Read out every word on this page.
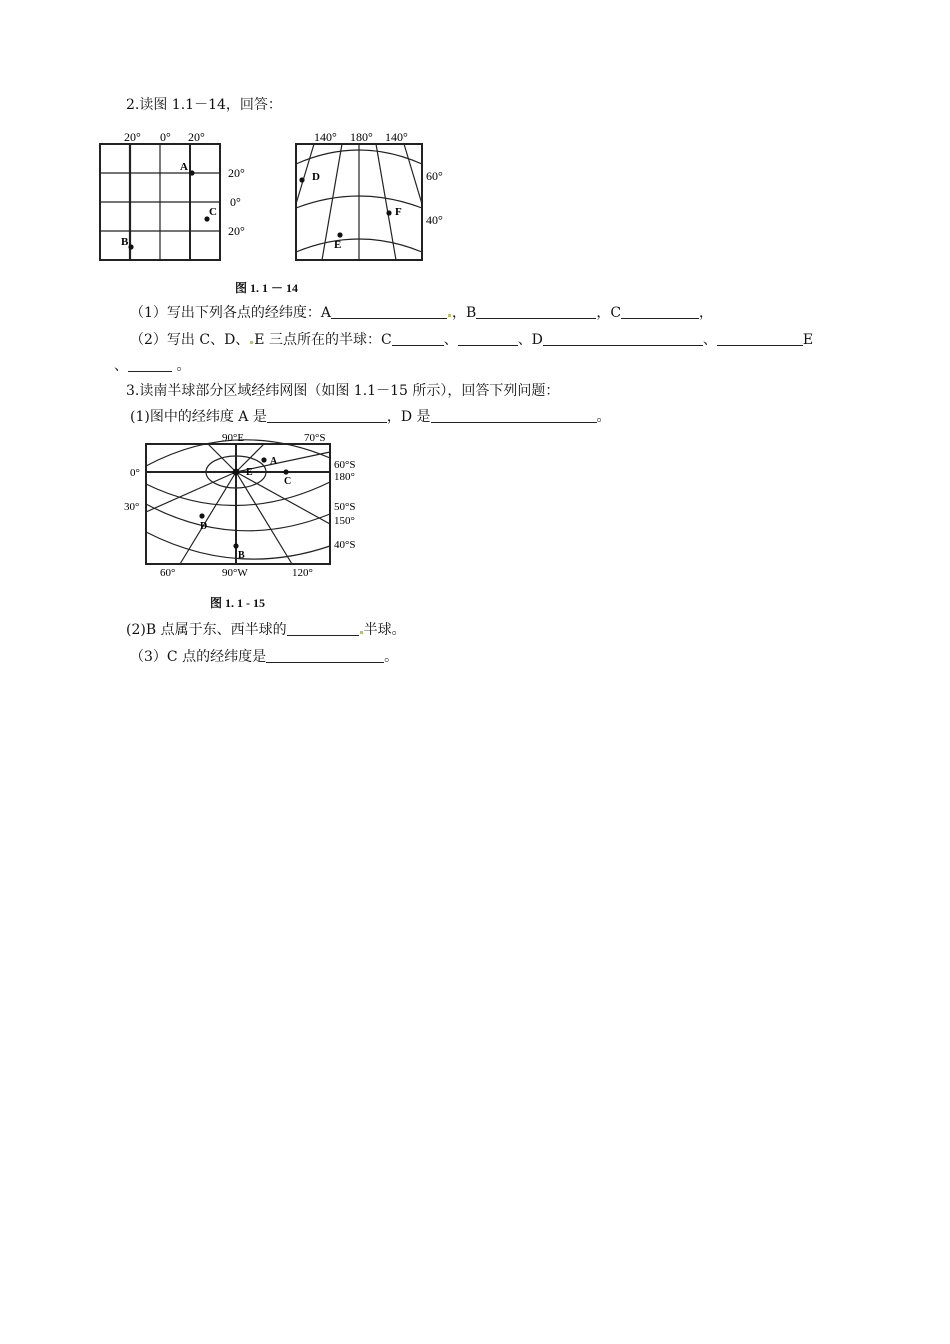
2.读图 1.1－14，回答：
20° 0° 20°
20°
0°
20°
A
B
C
140° 180° 140°
60°
40°
D
E
F
图 1. 1 － 14
（1）写出下列各点的经纬度：A	，B	，C	，
（2）写出 C、D、 E 三点所在的半球：C	、	、D	、	E
、	。
3.读南半球部分区域经纬网图（如图 1.1－15 所示），回答下列问题：
(1)图中的经纬度 A 是	，D 是	。
90°E	70°S
0°
30°
60°S
180°
50°S
150°
40°S
60°	90°W	120°
A
C
D
B
E
图 1. 1 - 15
(2)B 点属于东、西半球的	半球。
（3）C 点的经纬度是	。
